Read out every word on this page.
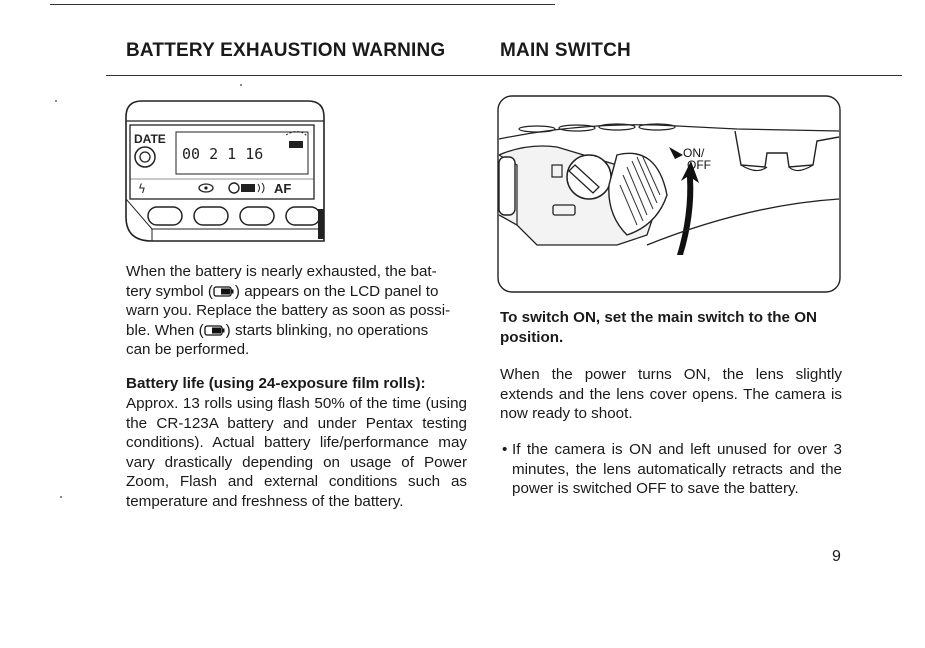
BATTERY EXHAUSTION WARNING	MAIN SWITCH
DATE
00 2 1 16
ϟ	AF

When the battery is nearly exhausted, the bat-
tery symbol ( ) appears on the LCD panel to
warn you. Replace the battery as soon as possi-
ble. When ( ) starts blinking, no operations
can be performed.

Battery life (using 24-exposure film rolls):

Approx. 13 rolls using flash 50% of the time (using the CR-123A battery and under Pentax testing conditions). Actual battery life/performance may vary drastically depending on usage of Power Zoom, Flash and external conditions such as temperature and freshness of the battery.

ON/
OFF

To switch ON, set the main switch to the ON position.

When the power turns ON, the lens slightly extends and the lens cover opens. The camera is now ready to shoot.

• If the camera is ON and left unused for over 3 minutes, the lens automatically retracts and the power is switched OFF to save the battery.

9
